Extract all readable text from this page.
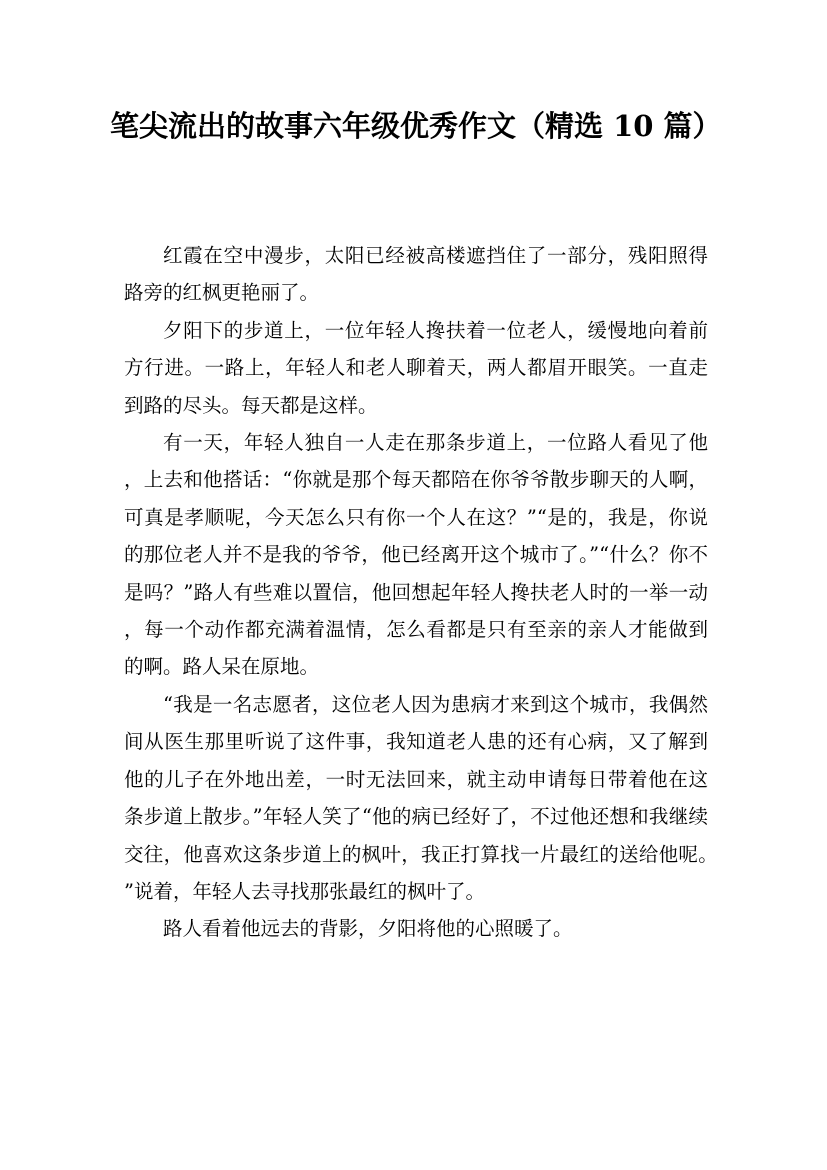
笔尖流出的故事六年级优秀作文（精选 10 篇）

红霞在空中漫步，太阳已经被高楼遮挡住了一部分，残阳照得路旁的红枫更艳丽了。

夕阳下的步道上，一位年轻人搀扶着一位老人，缓慢地向着前方行进。一路上，年轻人和老人聊着天，两人都眉开眼笑。一直走到路的尽头。每天都是这样。

有一天，年轻人独自一人走在那条步道上，一位路人看见了他，上去和他搭话：“你就是那个每天都陪在你爷爷散步聊天的人啊，可真是孝顺呢，今天怎么只有你一个人在这？”“是的，我是，你说的那位老人并不是我的爷爷，他已经离开这个城市了。”“什么？你不是吗？”路人有些难以置信，他回想起年轻人搀扶老人时的一举一动，每一个动作都充满着温情，怎么看都是只有至亲的亲人才能做到的啊。路人呆在原地。

“我是一名志愿者，这位老人因为患病才来到这个城市，我偶然间从医生那里听说了这件事，我知道老人患的还有心病，又了解到他的儿子在外地出差，一时无法回来，就主动申请每日带着他在这条步道上散步。”年轻人笑了“他的病已经好了，不过他还想和我继续交往，他喜欢这条步道上的枫叶，我正打算找一片最红的送给他呢。”说着，年轻人去寻找那张最红的枫叶了。

路人看着他远去的背影，夕阳将他的心照暖了。
